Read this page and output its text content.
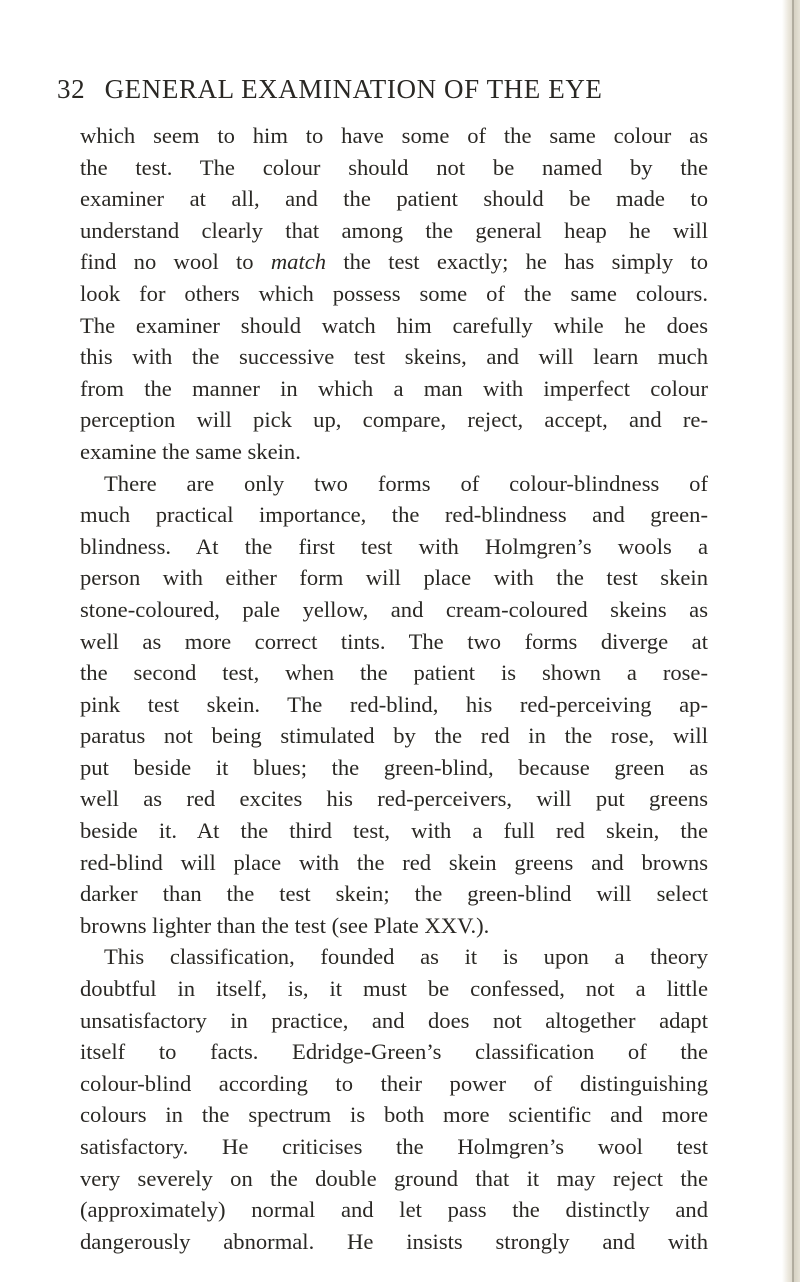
32 GENERAL EXAMINATION OF THE EYE
which seem to him to have some of the same colour as
the test. The colour should not be named by the
examiner at all, and the patient should be made to
understand clearly that among the general heap he will
find no wool to match the test exactly; he has simply to
look for others which possess some of the same colours.
The examiner should watch him carefully while he does
this with the successive test skeins, and will learn much
from the manner in which a man with imperfect colour
perception will pick up, compare, reject, accept, and re-
examine the same skein.
There are only two forms of colour-blindness of
much practical importance, the red-blindness and green-
blindness. At the first test with Holmgren’s wools a
person with either form will place with the test skein
stone-coloured, pale yellow, and cream-coloured skeins as
well as more correct tints. The two forms diverge at
the second test, when the patient is shown a rose-
pink test skein. The red-blind, his red-perceiving ap-
paratus not being stimulated by the red in the rose, will
put beside it blues; the green-blind, because green as
well as red excites his red-perceivers, will put greens
beside it. At the third test, with a full red skein, the
red-blind will place with the red skein greens and browns
darker than the test skein; the green-blind will select
browns lighter than the test (see Plate XXV.).
This classification, founded as it is upon a theory
doubtful in itself, is, it must be confessed, not a little
unsatisfactory in practice, and does not altogether adapt
itself to facts. Edridge-Green’s classification of the
colour-blind according to their power of distinguishing
colours in the spectrum is both more scientific and more
satisfactory. He criticises the Holmgren’s wool test
very severely on the double ground that it may reject the
(approximately) normal and let pass the distinctly and
dangerously abnormal. He insists strongly and with
